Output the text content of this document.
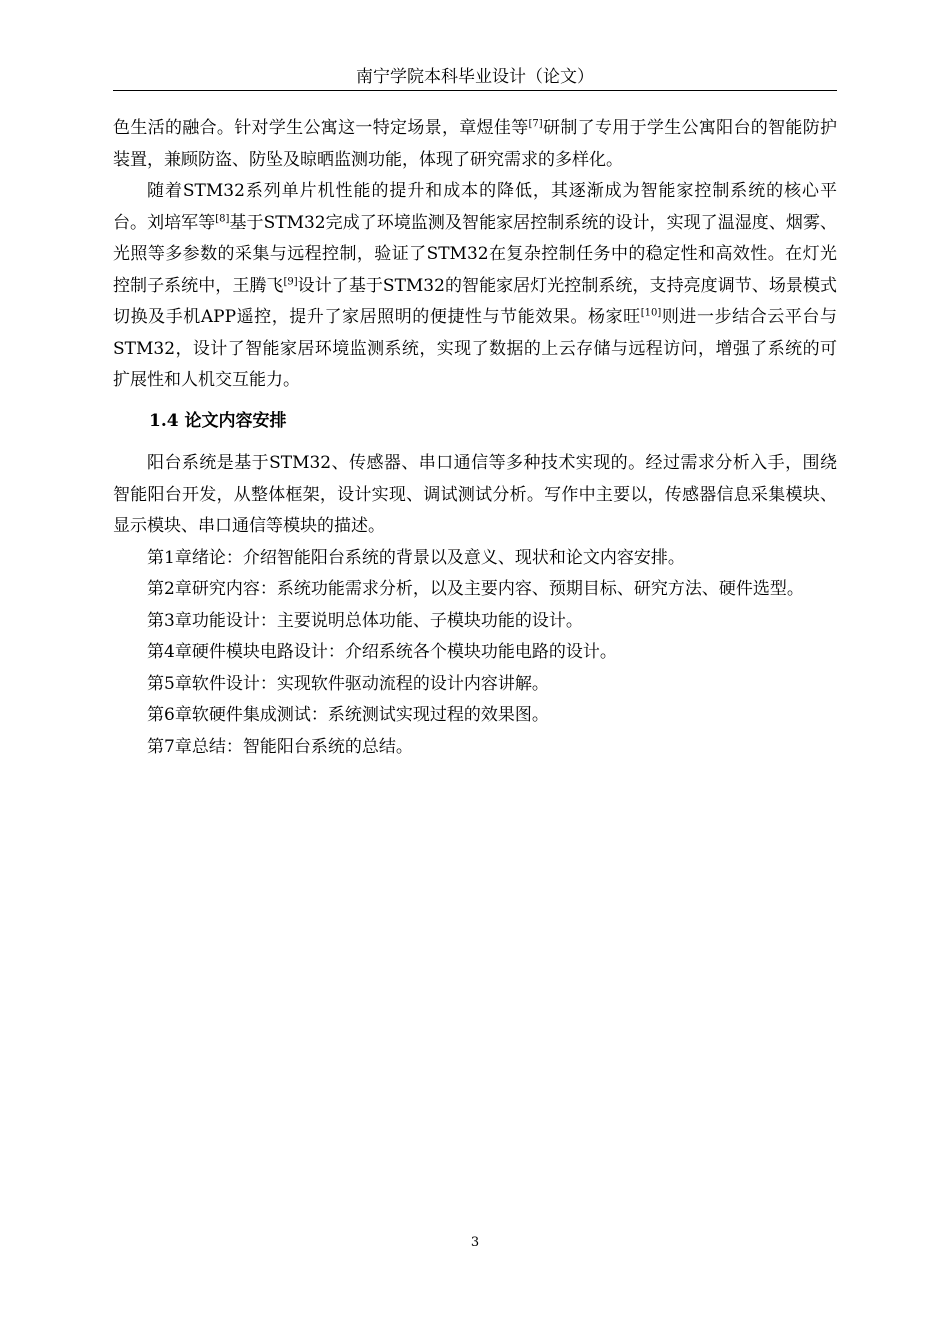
南宁学院本科毕业设计（论文）

色生活的融合。针对学生公寓这一特定场景，章煜佳等[7]研制了专用于学生公寓阳台的智能防护装置，兼顾防盗、防坠及晾晒监测功能，体现了研究需求的多样化。

随着STM32系列单片机性能的提升和成本的降低，其逐渐成为智能家控制系统的核心平台。刘培军等[8]基于STM32完成了环境监测及智能家居控制系统的设计，实现了温湿度、烟雾、光照等多参数的采集与远程控制，验证了STM32在复杂控制任务中的稳定性和高效性。在灯光控制子系统中，王腾飞[9]设计了基于STM32的智能家居灯光控制系统，支持亮度调节、场景模式切换及手机APP遥控，提升了家居照明的便捷性与节能效果。杨家旺[10]则进一步结合云平台与STM32，设计了智能家居环境监测系统，实现了数据的上云存储与远程访问，增强了系统的可扩展性和人机交互能力。

1.4 论文内容安排

阳台系统是基于STM32、传感器、串口通信等多种技术实现的。经过需求分析入手，围绕智能阳台开发，从整体框架，设计实现、调试测试分析。写作中主要以，传感器信息采集模块、显示模块、串口通信等模块的描述。

第1章绪论：介绍智能阳台系统的背景以及意义、现状和论文内容安排。

第2章研究内容：系统功能需求分析，以及主要内容、预期目标、研究方法、硬件选型。

第3章功能设计：主要说明总体功能、子模块功能的设计。

第4章硬件模块电路设计：介绍系统各个模块功能电路的设计。

第5章软件设计：实现软件驱动流程的设计内容讲解。

第6章软硬件集成测试：系统测试实现过程的效果图。

第7章总结：智能阳台系统的总结。

3
